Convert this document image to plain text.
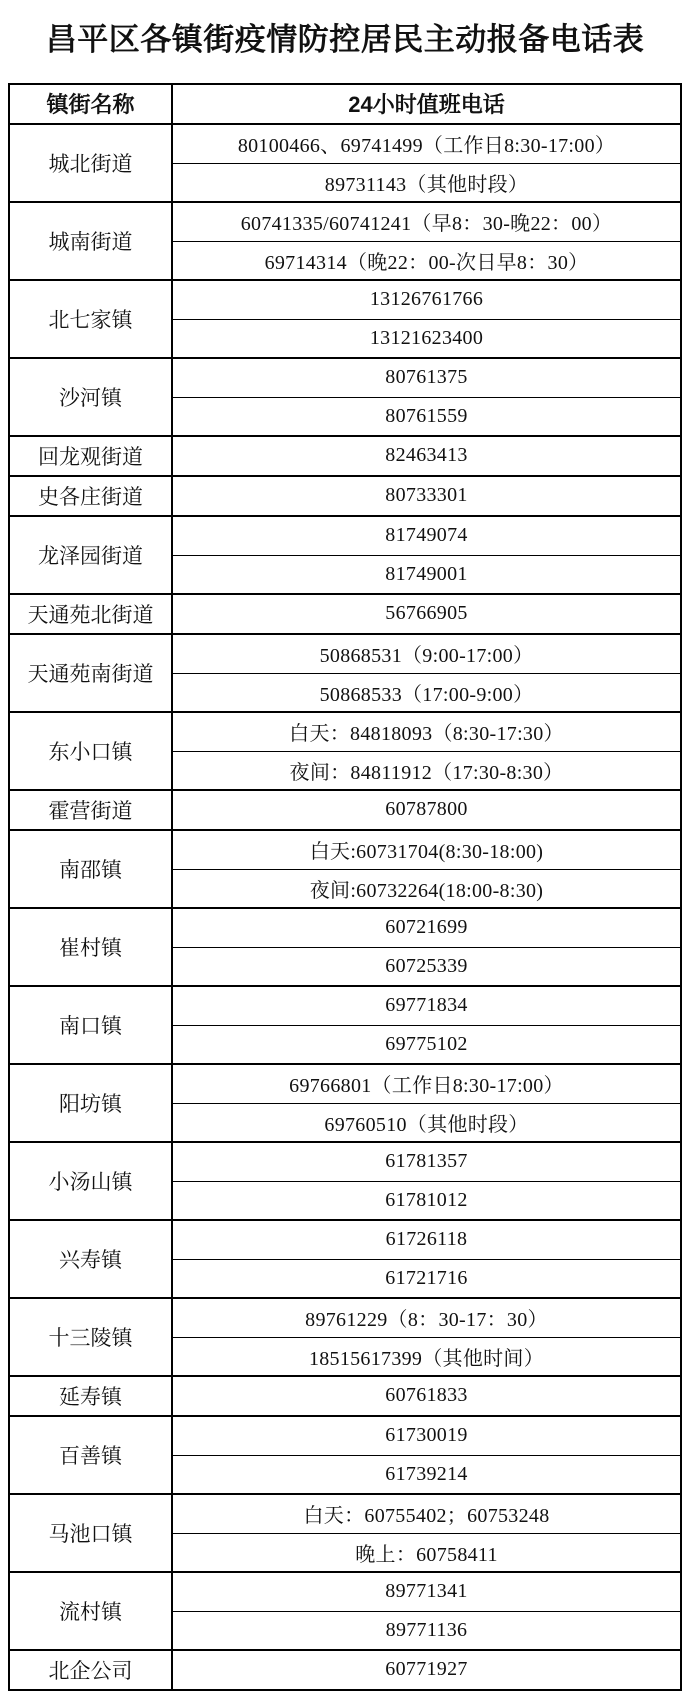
昌平区各镇街疫情防控居民主动报备电话表
镇街名称	24小时值班电话
城北街道
80100466、69741499（工作日8:30-17:00）
89731143（其他时段）
城南街道
60741335/60741241（早8：30-晚22：00）
69714314（晚22：00-次日早8：30）
北七家镇
13126761766
13121623400
沙河镇
80761375
80761559
回龙观街道	82463413
史各庄街道	80733301
龙泽园街道
81749074
81749001
天通苑北街道	56766905
天通苑南街道
50868531（9:00-17:00）
50868533（17:00-9:00）
东小口镇
白天：84818093（8:30-17:30）
夜间：84811912（17:30-8:30）
霍营街道	60787800
南邵镇
白天:60731704(8:30-18:00)
夜间:60732264(18:00-8:30)
崔村镇
60721699
60725339
南口镇
69771834
69775102
阳坊镇
69766801（工作日8:30-17:00）
69760510（其他时段）
小汤山镇
61781357
61781012
兴寿镇
61726118
61721716
十三陵镇
89761229（8：30-17：30）
18515617399（其他时间）
延寿镇	60761833
百善镇
61730019
61739214
马池口镇
白天：60755402；60753248
晚上：60758411
流村镇
89771341
89771136
北企公司	60771927
